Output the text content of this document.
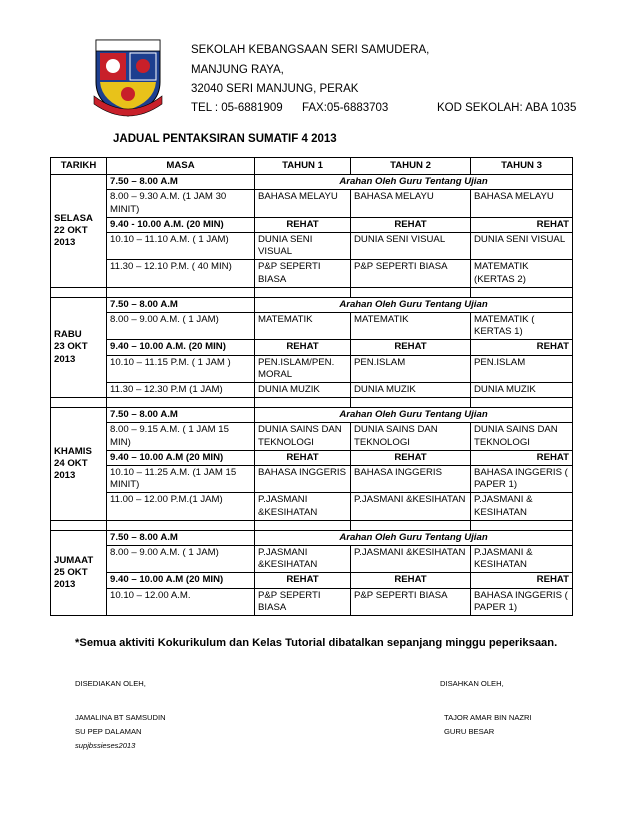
SEKOLAH KEBANGSAAN SERI SAMUDERA,
MANJUNG RAYA,
32040 SERI MANJUNG, PERAK
TEL : 05-6881909 FAX:05-6883703	KOD SEKOLAH: ABA 1035
JADUAL PENTAKSIRAN SUMATIF 4 2013
TARIKH	MASA	TAHUN 1	TAHUN 2	TAHUN 3

SELASA
22 OKT
2013	7.50 – 8.00 A.M	Arahan Oleh Guru Tentang Ujian		
	8.00 – 9.30 A.M. (1 JAM 30 MINIT)	BAHASA MELAYU	BAHASA MELAYU	BAHASA MELAYU
	9.40 - 10.00 A.M. (20 MIN)	REHAT	REHAT	REHAT
	10.10 – 11.10 A.M. ( 1 JAM)	DUNIA SENI VISUAL	DUNIA SENI VISUAL	DUNIA SENI VISUAL
	11.30 – 12.10 P.M. ( 40 MIN)	P&P SEPERTI BIASA	P&P SEPERTI BIASA	MATEMATIK (KERTAS 2)

RABU
23 OKT
2013	7.50 – 8.00 A.M	Arahan Oleh Guru Tentang Ujian		
	8.00 – 9.00 A.M. ( 1 JAM)	MATEMATIK	MATEMATIK	MATEMATIK ( KERTAS 1)
	9.40 – 10.00 A.M. (20 MIN)	REHAT	REHAT	REHAT
	10.10 – 11.15 P.M. ( 1 JAM )	PEN.ISLAM/PEN. MORAL	PEN.ISLAM	PEN.ISLAM
	11.30 – 12.30 P.M (1 JAM)	DUNIA MUZIK	DUNIA MUZIK	DUNIA MUZIK

KHAMIS
24 OKT
2013	7.50 – 8.00 A.M	Arahan Oleh Guru Tentang Ujian		
	8.00 – 9.15 A.M. ( 1 JAM 15 MIN)	DUNIA SAINS DAN TEKNOLOGI	DUNIA SAINS DAN TEKNOLOGI	DUNIA SAINS DAN TEKNOLOGI
	9.40 – 10.00 A.M (20 MIN)	REHAT	REHAT	REHAT
	10.10 – 11.25 A.M. (1 JAM 15 MINIT)	BAHASA INGGERIS	BAHASA INGGERIS	BAHASA INGGERIS ( PAPER 1)
	11.00 – 12.00 P.M.(1 JAM)	P.JASMANI &KESIHATAN	P.JASMANI &KESIHATAN	P.JASMANI & KESIHATAN

JUMAAT
25 OKT
2013	7.50 – 8.00 A.M	Arahan Oleh Guru Tentang Ujian		
	8.00 – 9.00 A.M. ( 1 JAM)	P.JASMANI &KESIHATAN	P.JASMANI &KESIHATAN	P.JASMANI & KESIHATAN
	9.40 – 10.00 A.M (20 MIN)	REHAT	REHAT	REHAT
	10.10 – 12.00 A.M.	P&P SEPERTI BIASA	P&P SEPERTI BIASA	BAHASA INGGERIS ( PAPER 1)
*Semua aktiviti Kokurikulum dan Kelas Tutorial dibatalkan sepanjang minggu peperiksaan.
DISEDIAKAN OLEH,	DISAHKAN OLEH,
JAMALINA BT SAMSUDIN
SU PEP DALAMAN
supjbssieses2013
TAJOR AMAR BIN NAZRI
GURU BESAR
